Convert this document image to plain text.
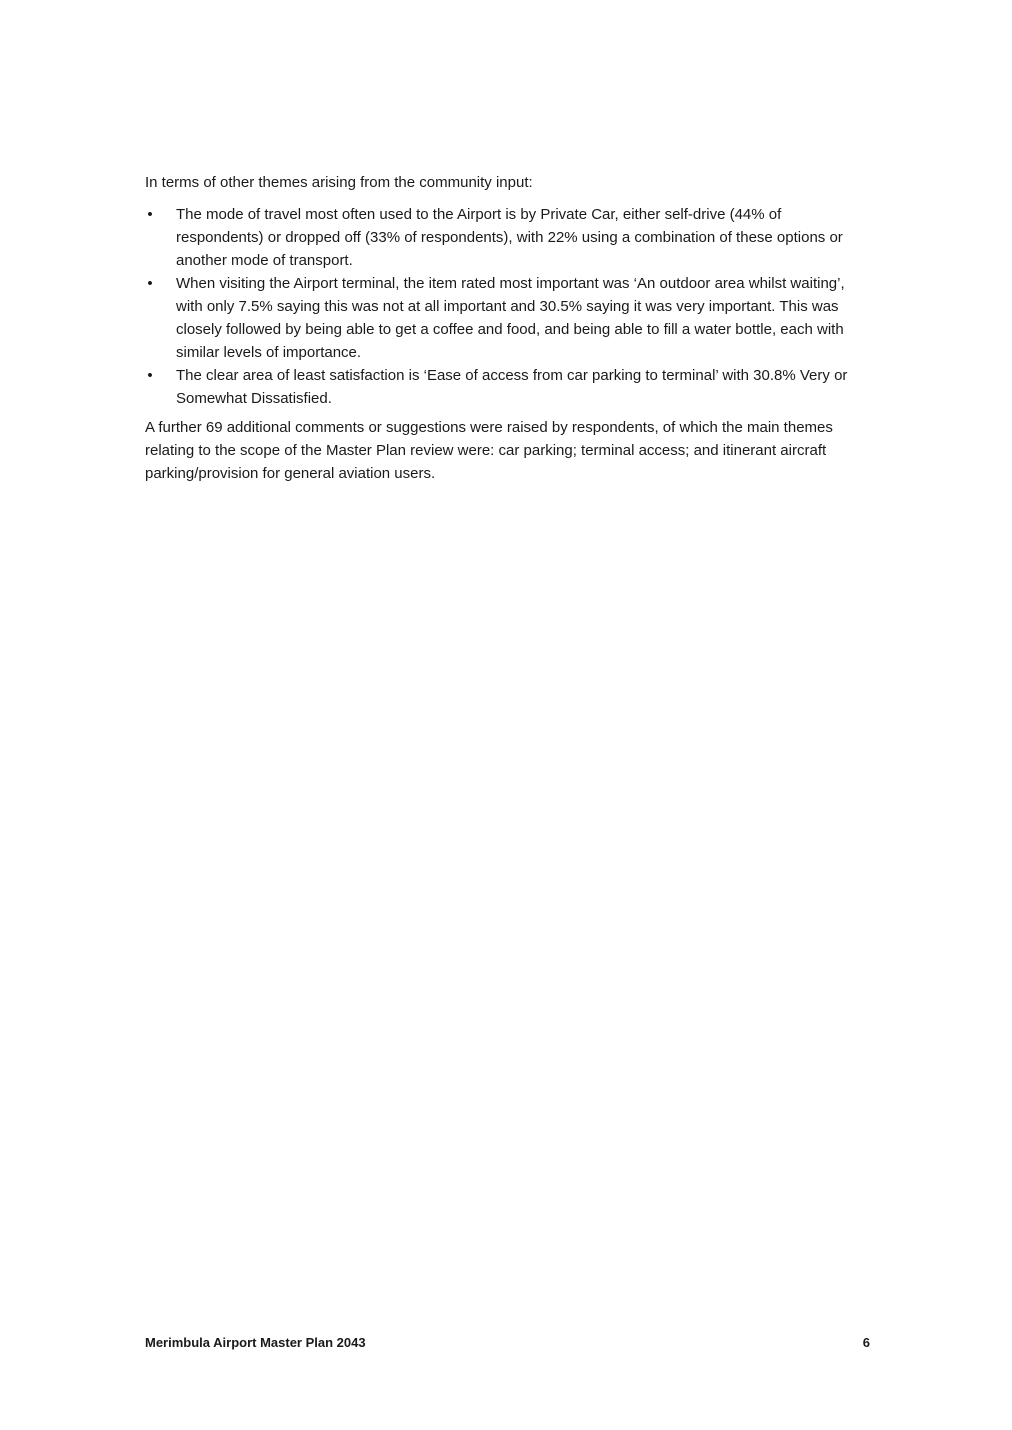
In terms of other themes arising from the community input:

• The mode of travel most often used to the Airport is by Private Car, either self-drive (44% of respondents) or dropped off (33% of respondents), with 22% using a combination of these options or another mode of transport.
• When visiting the Airport terminal, the item rated most important was ‘An outdoor area whilst waiting’, with only 7.5% saying this was not at all important and 30.5% saying it was very important. This was closely followed by being able to get a coffee and food, and being able to fill a water bottle, each with similar levels of importance.
• The clear area of least satisfaction is ‘Ease of access from car parking to terminal’ with 30.8% Very or Somewhat Dissatisfied.

A further 69 additional comments or suggestions were raised by respondents, of which the main themes relating to the scope of the Master Plan review were: car parking; terminal access; and itinerant aircraft parking/provision for general aviation users.

Merimbula Airport Master Plan 2043	6
